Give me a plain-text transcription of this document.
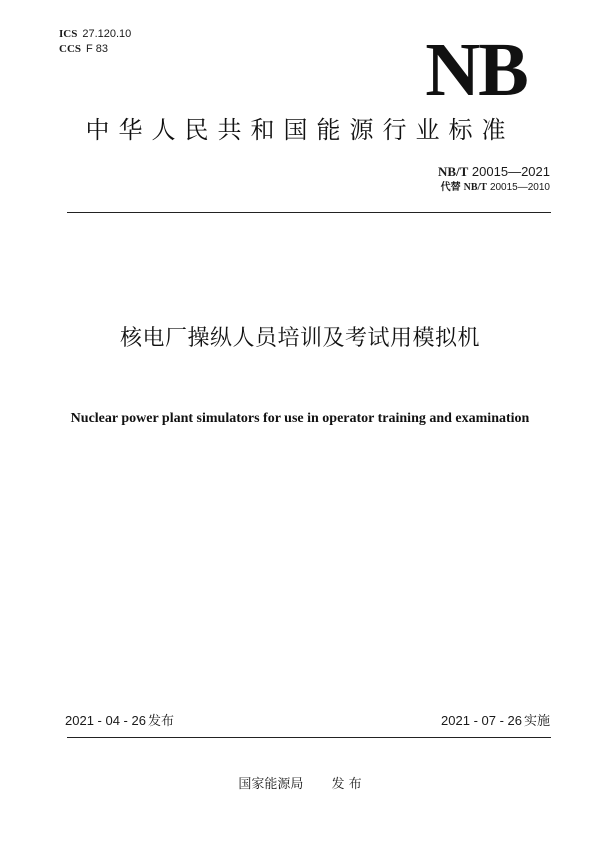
ICS 27.120.10
CCS F 83	NB
中华人民共和国能源行业标准
NB/T 20015—2021
代替 NB/T 20015—2010
核电厂操纵人员培训及考试用模拟机
Nuclear power plant simulators for use in operator training and examination
2021 - 04 - 26 发布	2021 - 07 - 26 实施
国家能源局 发 布
